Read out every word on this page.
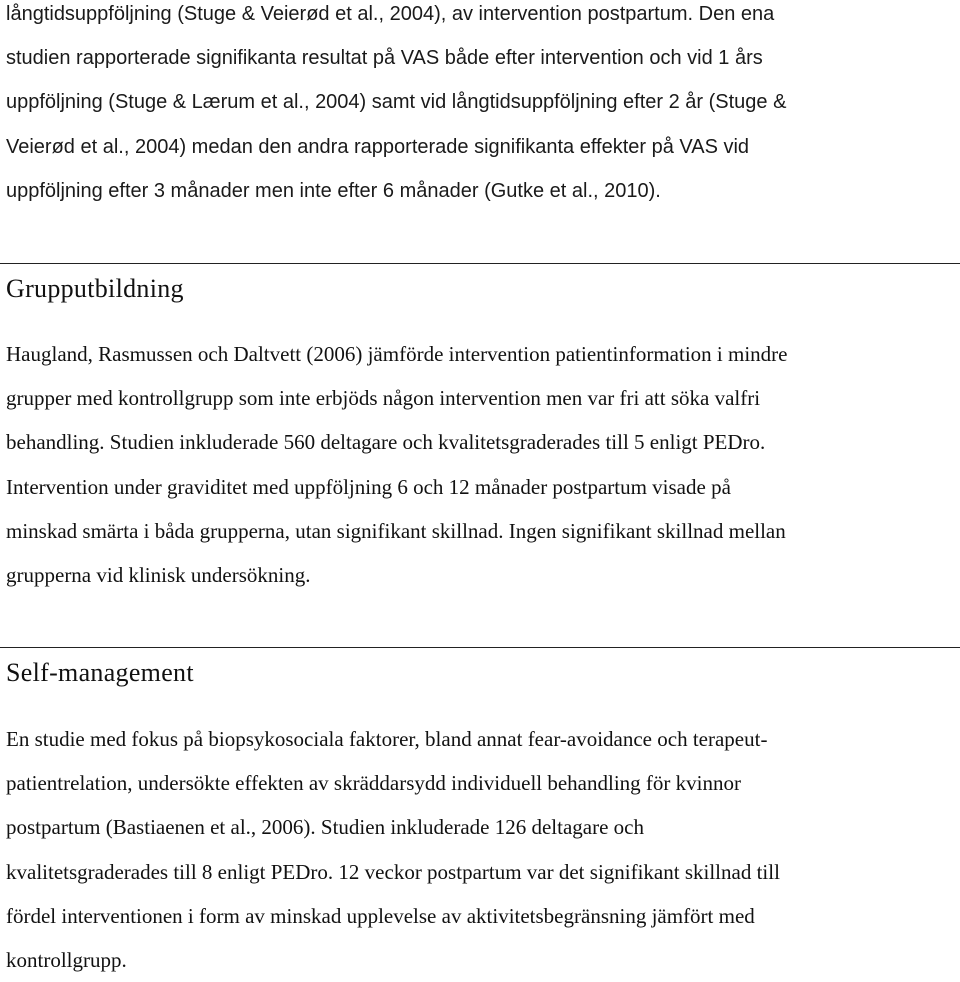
långtidsuppföljning (Stuge & Veierød et al., 2004), av intervention postpartum. Den ena
studien rapporterade signifikanta resultat på VAS både efter intervention och vid 1 års
uppföljning (Stuge & Lærum et al., 2004) samt vid långtidsuppföljning efter 2 år (Stuge &
Veierød et al., 2004) medan den andra rapporterade signifikanta effekter på VAS vid
uppföljning efter 3 månader men inte efter 6 månader (Gutke et al., 2010).

Grupputbildning

Haugland, Rasmussen och Daltvett (2006) jämförde intervention patientinformation i mindre
grupper med kontrollgrupp som inte erbjöds någon intervention men var fri att söka valfri
behandling. Studien inkluderade 560 deltagare och kvalitetsgraderades till 5 enligt PEDro.
Intervention under graviditet med uppföljning 6 och 12 månader postpartum visade på
minskad smärta i båda grupperna, utan signifikant skillnad. Ingen signifikant skillnad mellan
grupperna vid klinisk undersökning.

Self-management

En studie med fokus på biopsykosociala faktorer, bland annat fear-avoidance och terapeut-
patientrelation, undersökte effekten av skräddarsydd individuell behandling för kvinnor
postpartum (Bastiaenen et al., 2006). Studien inkluderade 126 deltagare och
kvalitetsgraderades till 8 enligt PEDro. 12 veckor postpartum var det signifikant skillnad till
fördel interventionen i form av minskad upplevelse av aktivitetsbegränsning jämfört med
kontrollgrupp.
